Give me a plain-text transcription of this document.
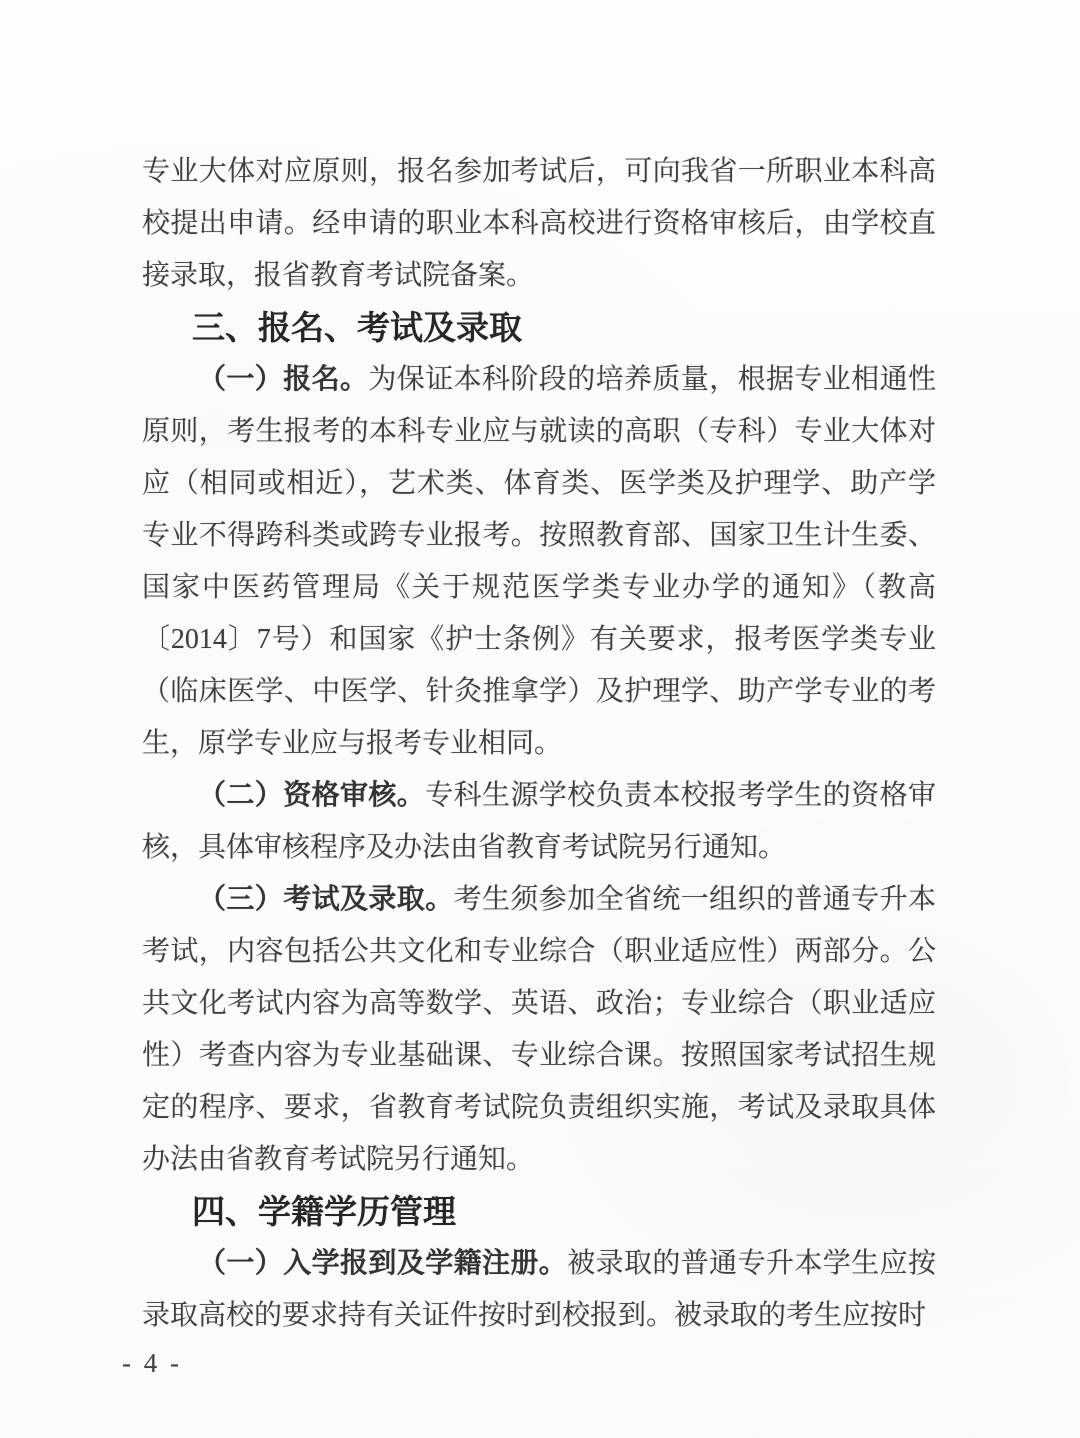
专业大体对应原则，报名参加考试后，可向我省一所职业本科高校提出申请。经申请的职业本科高校进行资格审核后，由学校直接录取，报省教育考试院备案。

三、报名、考试及录取

（一）报名。为保证本科阶段的培养质量，根据专业相通性原则，考生报考的本科专业应与就读的高职（专科）专业大体对应（相同或相近），艺术类、体育类、医学类及护理学、助产学专业不得跨科类或跨专业报考。按照教育部、国家卫生计生委、国家中医药管理局《关于规范医学类专业办学的通知》（教高〔2014〕7号）和国家《护士条例》有关要求，报考医学类专业（临床医学、中医学、针灸推拿学）及护理学、助产学专业的考生，原学专业应与报考专业相同。

（二）资格审核。专科生源学校负责本校报考学生的资格审核，具体审核程序及办法由省教育考试院另行通知。

（三）考试及录取。考生须参加全省统一组织的普通专升本考试，内容包括公共文化和专业综合（职业适应性）两部分。公共文化考试内容为高等数学、英语、政治；专业综合（职业适应性）考查内容为专业基础课、专业综合课。按照国家考试招生规定的程序、要求，省教育考试院负责组织实施，考试及录取具体办法由省教育考试院另行通知。

四、学籍学历管理

（一）入学报到及学籍注册。被录取的普通专升本学生应按录取高校的要求持有关证件按时到校报到。被录取的考生应按时

- 4 -
